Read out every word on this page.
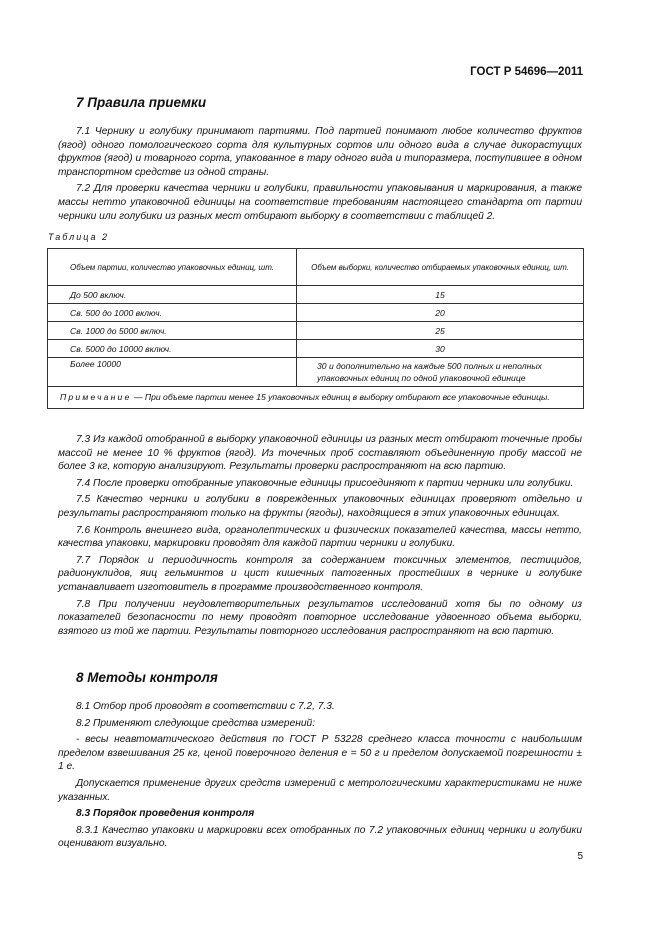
ГОСТ Р 54696—2011
7 Правила приемки

7.1 Чернику и голубику принимают партиями. Под партией понимают любое количество фруктов (ягод) одного помологического сорта для культурных сортов или одного вида в случае дикорастущих фруктов (ягод) и товарного сорта, упакованное в тару одного вида и типоразмера, поступившее в одном транспортном средстве из одной страны.

7.2 Для проверки качества черники и голубики, правильности упаковывания и маркирования, а также массы нетто упаковочной единицы на соответствие требованиям настоящего стандарта от партии черники или голубики из разных мест отбирают выборку в соответствии с таблицей 2.

Таблица 2
Объем партии, количество упаковочных единиц, шт.	Объем выборки, количество отбираемых упаковочных единиц, шт.
До 500 включ.	15
Св. 500 до 1000 включ.	20
Св. 1000 до 5000 включ.	25
Св. 5000 до 10000 включ.	30
Более 10000	30 и дополнительно на каждые 500 полных и неполных упаковочных единиц по одной упаковочной единице
Примечание — При объеме партии менее 15 упаковочных единиц в выборку отбирают все упаковочные единицы.	

7.3 Из каждой отобранной в выборку упаковочной единицы из разных мест отбирают точечные пробы массой не менее 10 % фруктов (ягод). Из точечных проб составляют объединенную пробу массой не более 3 кг, которую анализируют. Результаты проверки распространяют на всю партию.

7.4 После проверки отобранные упаковочные единицы присоединяют к партии черники или голубики.

7.5 Качество черники и голубики в поврежденных упаковочных единицах проверяют отдельно и результаты распространяют только на фрукты (ягоды), находящиеся в этих упаковочных единицах.

7.6 Контроль внешнего вида, органолептических и физических показателей качества, массы нетто, качества упаковки, маркировки проводят для каждой партии черники и голубики.

7.7 Порядок и периодичность контроля за содержанием токсичных элементов, пестицидов, радионуклидов, яиц гельминтов и цист кишечных патогенных простейших в чернике и голубике устанавливает изготовитель в программе производственного контроля.

7.8 При получении неудовлетворительных результатов исследований хотя бы по одному из показателей безопасности по нему проводят повторное исследование удвоенного объема выборки, взятого из той же партии. Результаты повторного исследования распространяют на всю партию.

8 Методы контроля

8.1 Отбор проб проводят в соответствии с 7.2, 7.3.

8.2 Применяют следующие средства измерений:

- весы неавтоматического действия по ГОСТ Р 53228 среднего класса точности с наибольшим пределом взвешивания 25 кг, ценой поверочного деления е = 50 г и пределом допускаемой погрешности ± 1 е.

Допускается применение других средств измерений с метрологическими характеристиками не ниже указанных.

8.3 Порядок проведения контроля

8.3.1 Качество упаковки и маркировки всех отобранных по 7.2 упаковочных единиц черники и голубики оценивают визуально.

5
